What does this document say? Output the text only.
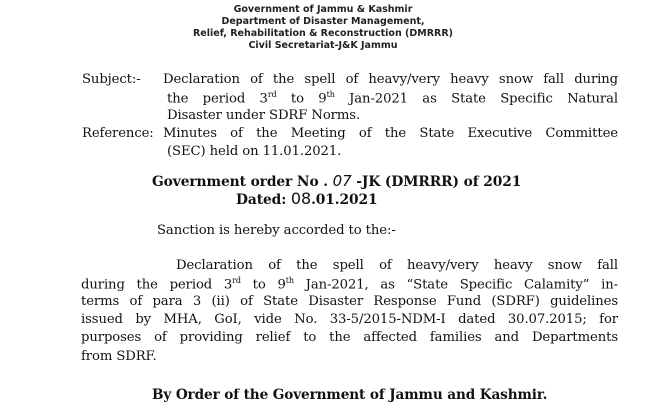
Government of Jammu & Kashmir
Department of Disaster Management,
Relief, Rehabilitation & Reconstruction (DMRRR)
Civil Secretariat-J&K Jammu
Subject:- Declaration of the spell of heavy/very heavy snow fall during
the period 3rd to 9th Jan-2021 as State Specific Natural
Disaster under SDRF Norms.
Reference: Minutes of the Meeting of the State Executive Committee
(SEC) held on 11.01.2021.
Government order No . 07 -JK (DMRRR) of 2021
Dated: 08.01.2021
Sanction is hereby accorded to the:-
Declaration of the spell of heavy/very heavy snow fall
during the period 3rd to 9th Jan-2021, as “State Specific Calamity” in-
terms of para 3 (ii) of State Disaster Response Fund (SDRF) guidelines
issued by MHA, GoI, vide No. 33-5/2015-NDM-I dated 30.07.2015; for
purposes of providing relief to the affected families and Departments
from SDRF.
By Order of the Government of Jammu and Kashmir.
